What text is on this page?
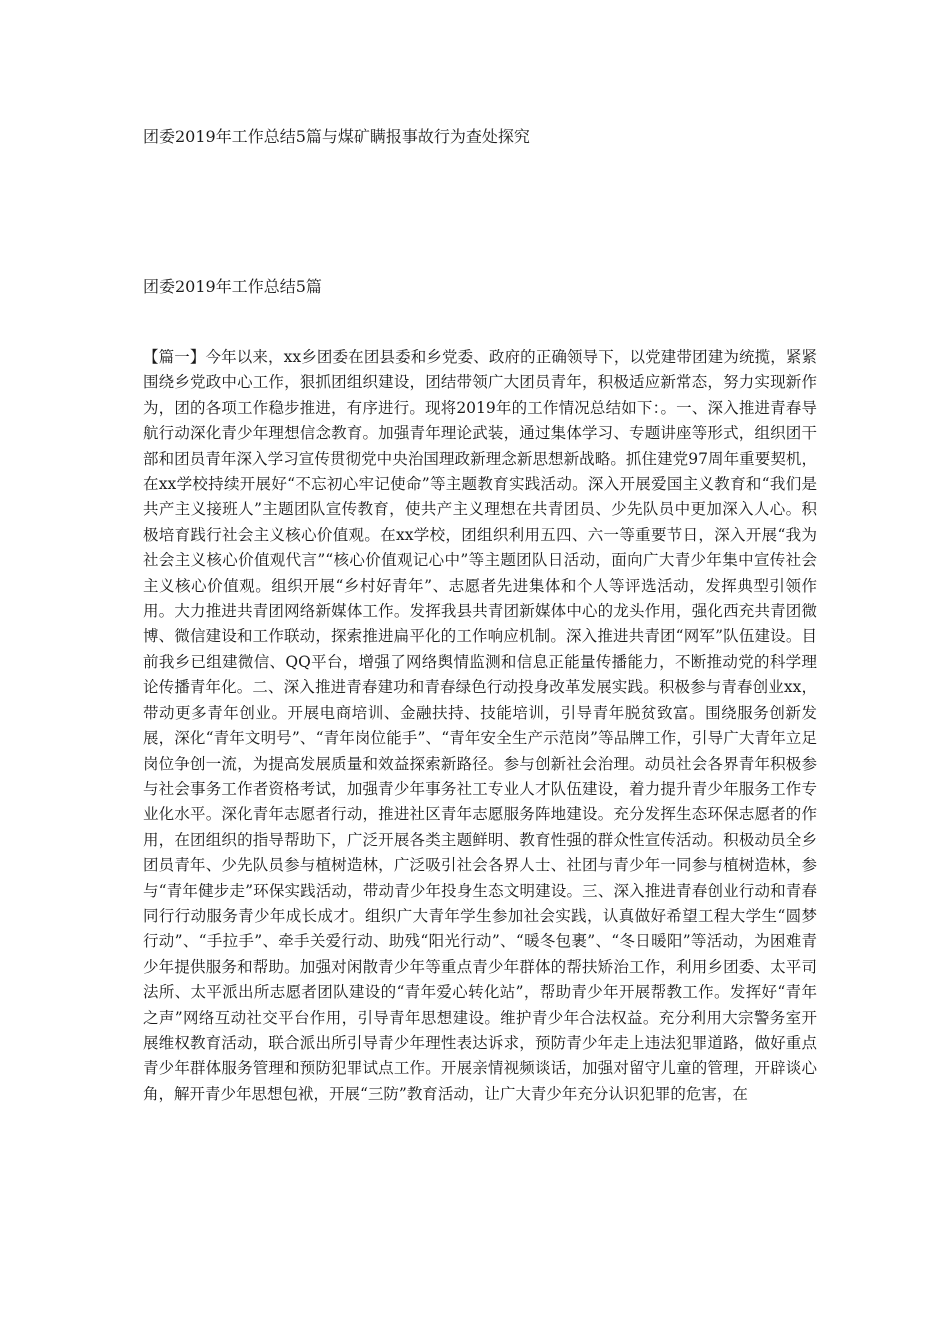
团委2019年工作总结5篇与煤矿瞒报事故行为查处探究
团委2019年工作总结5篇
【篇一】今年以来，xx乡团委在团县委和乡党委、政府的正确领导下，以党建带团建为统揽，紧紧围绕乡党政中心工作，狠抓团组织建设，团结带领广大团员青年，积极适应新常态，努力实现新作为，团的各项工作稳步推进，有序进行。现将2019年的工作情况总结如下：。一、深入推进青春导航行动深化青少年理想信念教育。加强青年理论武装，通过集体学习、专题讲座等形式，组织团干部和团员青年深入学习宣传贯彻党中央治国理政新理念新思想新战略。抓住建党97周年重要契机，在xx学校持续开展好“不忘初心牢记使命”等主题教育实践活动。深入开展爱国主义教育和“我们是共产主义接班人”主题团队宣传教育，使共产主义理想在共青团员、少先队员中更加深入人心。积极培育践行社会主义核心价值观。在xx学校，团组织利用五四、六一等重要节日，深入开展“我为社会主义核心价值观代言”“核心价值观记心中”等主题团队日活动，面向广大青少年集中宣传社会主义核心价值观。组织开展“乡村好青年”、志愿者先进集体和个人等评选活动，发挥典型引领作用。大力推进共青团网络新媒体工作。发挥我县共青团新媒体中心的龙头作用，强化西充共青团微博、微信建设和工作联动，探索推进扁平化的工作响应机制。深入推进共青团“网军”队伍建设。目前我乡已组建微信、QQ平台，增强了网络舆情监测和信息正能量传播能力，不断推动党的科学理论传播青年化。二、深入推进青春建功和青春绿色行动投身改革发展实践。积极参与青春创业xx，带动更多青年创业。开展电商培训、金融扶持、技能培训，引导青年脱贫致富。围绕服务创新发展，深化“青年文明号”、“青年岗位能手”、“青年安全生产示范岗”等品牌工作，引导广大青年立足岗位争创一流，为提高发展质量和效益探索新路径。参与创新社会治理。动员社会各界青年积极参与社会事务工作者资格考试，加强青少年事务社工专业人才队伍建设，着力提升青少年服务工作专业化水平。深化青年志愿者行动，推进社区青年志愿服务阵地建设。充分发挥生态环保志愿者的作用，在团组织的指导帮助下，广泛开展各类主题鲜明、教育性强的群众性宣传活动。积极动员全乡团员青年、少先队员参与植树造林，广泛吸引社会各界人士、社团与青少年一同参与植树造林，参与“青年健步走”环保实践活动，带动青少年投身生态文明建设。三、深入推进青春创业行动和青春同行行动服务青少年成长成才。组织广大青年学生参加社会实践，认真做好希望工程大学生“圆梦行动”、“手拉手”、牵手关爱行动、助残“阳光行动”、“暖冬包裹”、“冬日暖阳”等活动，为困难青少年提供服务和帮助。加强对闲散青少年等重点青少年群体的帮扶矫治工作，利用乡团委、太平司法所、太平派出所志愿者团队建设的“青年爱心转化站”，帮助青少年开展帮教工作。发挥好“青年之声”网络互动社交平台作用，引导青年思想建设。维护青少年合法权益。充分利用大宗警务室开展维权教育活动，联合派出所引导青少年理性表达诉求，预防青少年走上违法犯罪道路，做好重点青少年群体服务管理和预防犯罪试点工作。开展亲情视频谈话，加强对留守儿童的管理，开辟谈心角，解开青少年思想包袱，开展“三防”教育活动，让广大青少年充分认识犯罪的危害，在
